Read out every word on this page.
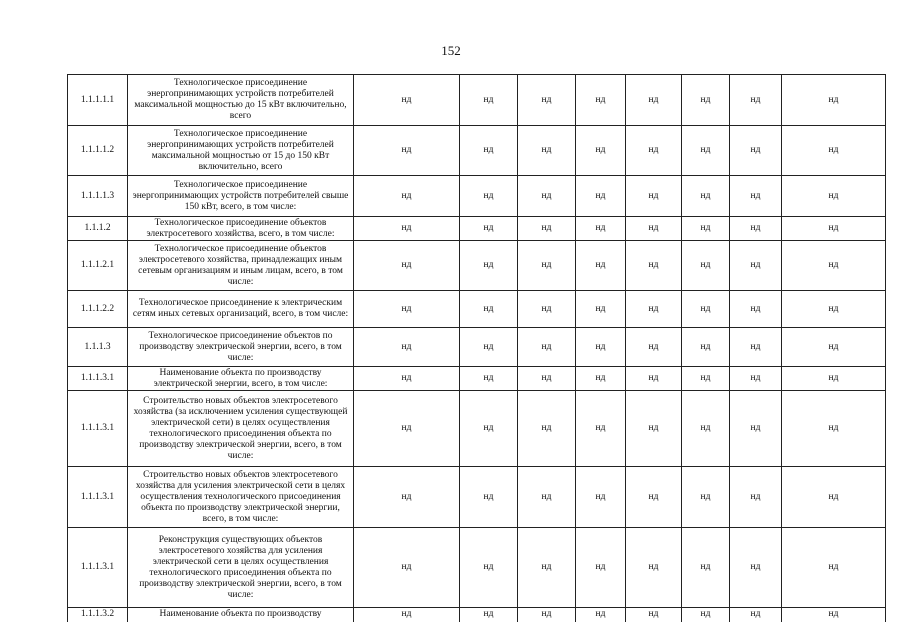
152
1.1.1.1.1	Технологическое присоединение энергопринимающих устройств потребителей максимальной мощностью до 15 кВт включительно, всего	нд	нд	нд	нд	нд	нд	нд	нд
1.1.1.1.2	Технологическое присоединение энергопринимающих устройств потребителей максимальной мощностью от 15 до 150 кВт включительно, всего	нд	нд	нд	нд	нд	нд	нд	нд
1.1.1.1.3	Технологическое присоединение энергопринимающих устройств потребителей свыше 150 кВт, всего, в том числе:	нд	нд	нд	нд	нд	нд	нд	нд
1.1.1.2	Технологическое присоединение объектов электросетевого хозяйства, всего, в том числе:	нд	нд	нд	нд	нд	нд	нд	нд
1.1.1.2.1	Технологическое присоединение объектов электросетевого хозяйства, принадлежащих иным сетевым организациям и иным лицам, всего, в том числе:	нд	нд	нд	нд	нд	нд	нд	нд
1.1.1.2.2	Технологическое присоединение к электрическим сетям иных сетевых организаций, всего, в том числе:	нд	нд	нд	нд	нд	нд	нд	нд
1.1.1.3	Технологическое присоединение объектов по производству электрической энергии, всего, в том числе:	нд	нд	нд	нд	нд	нд	нд	нд
1.1.1.3.1	Наименование объекта по производству электрической энергии, всего, в том числе:	нд	нд	нд	нд	нд	нд	нд	нд
1.1.1.3.1	Строительство новых объектов электросетевого хозяйства (за исключением усиления существующей электрической сети) в целях осуществления технологического присоединения объекта по производству электрической энергии, всего, в том числе:	нд	нд	нд	нд	нд	нд	нд	нд
1.1.1.3.1	Строительство новых объектов электросетевого хозяйства для усиления электрической сети в целях осуществления технологического присоединения объекта по производству электрической энергии, всего, в том числе:	нд	нд	нд	нд	нд	нд	нд	нд
1.1.1.3.1	Реконструкция существующих объектов электросетевого хозяйства для усиления электрической сети в целях осуществления технологического присоединения объекта по производству электрической энергии, всего, в том числе:	нд	нд	нд	нд	нд	нд	нд	нд
1.1.1.3.2	Наименование объекта по производству	нд	нд	нд	нд	нд	нд	нд	нд
